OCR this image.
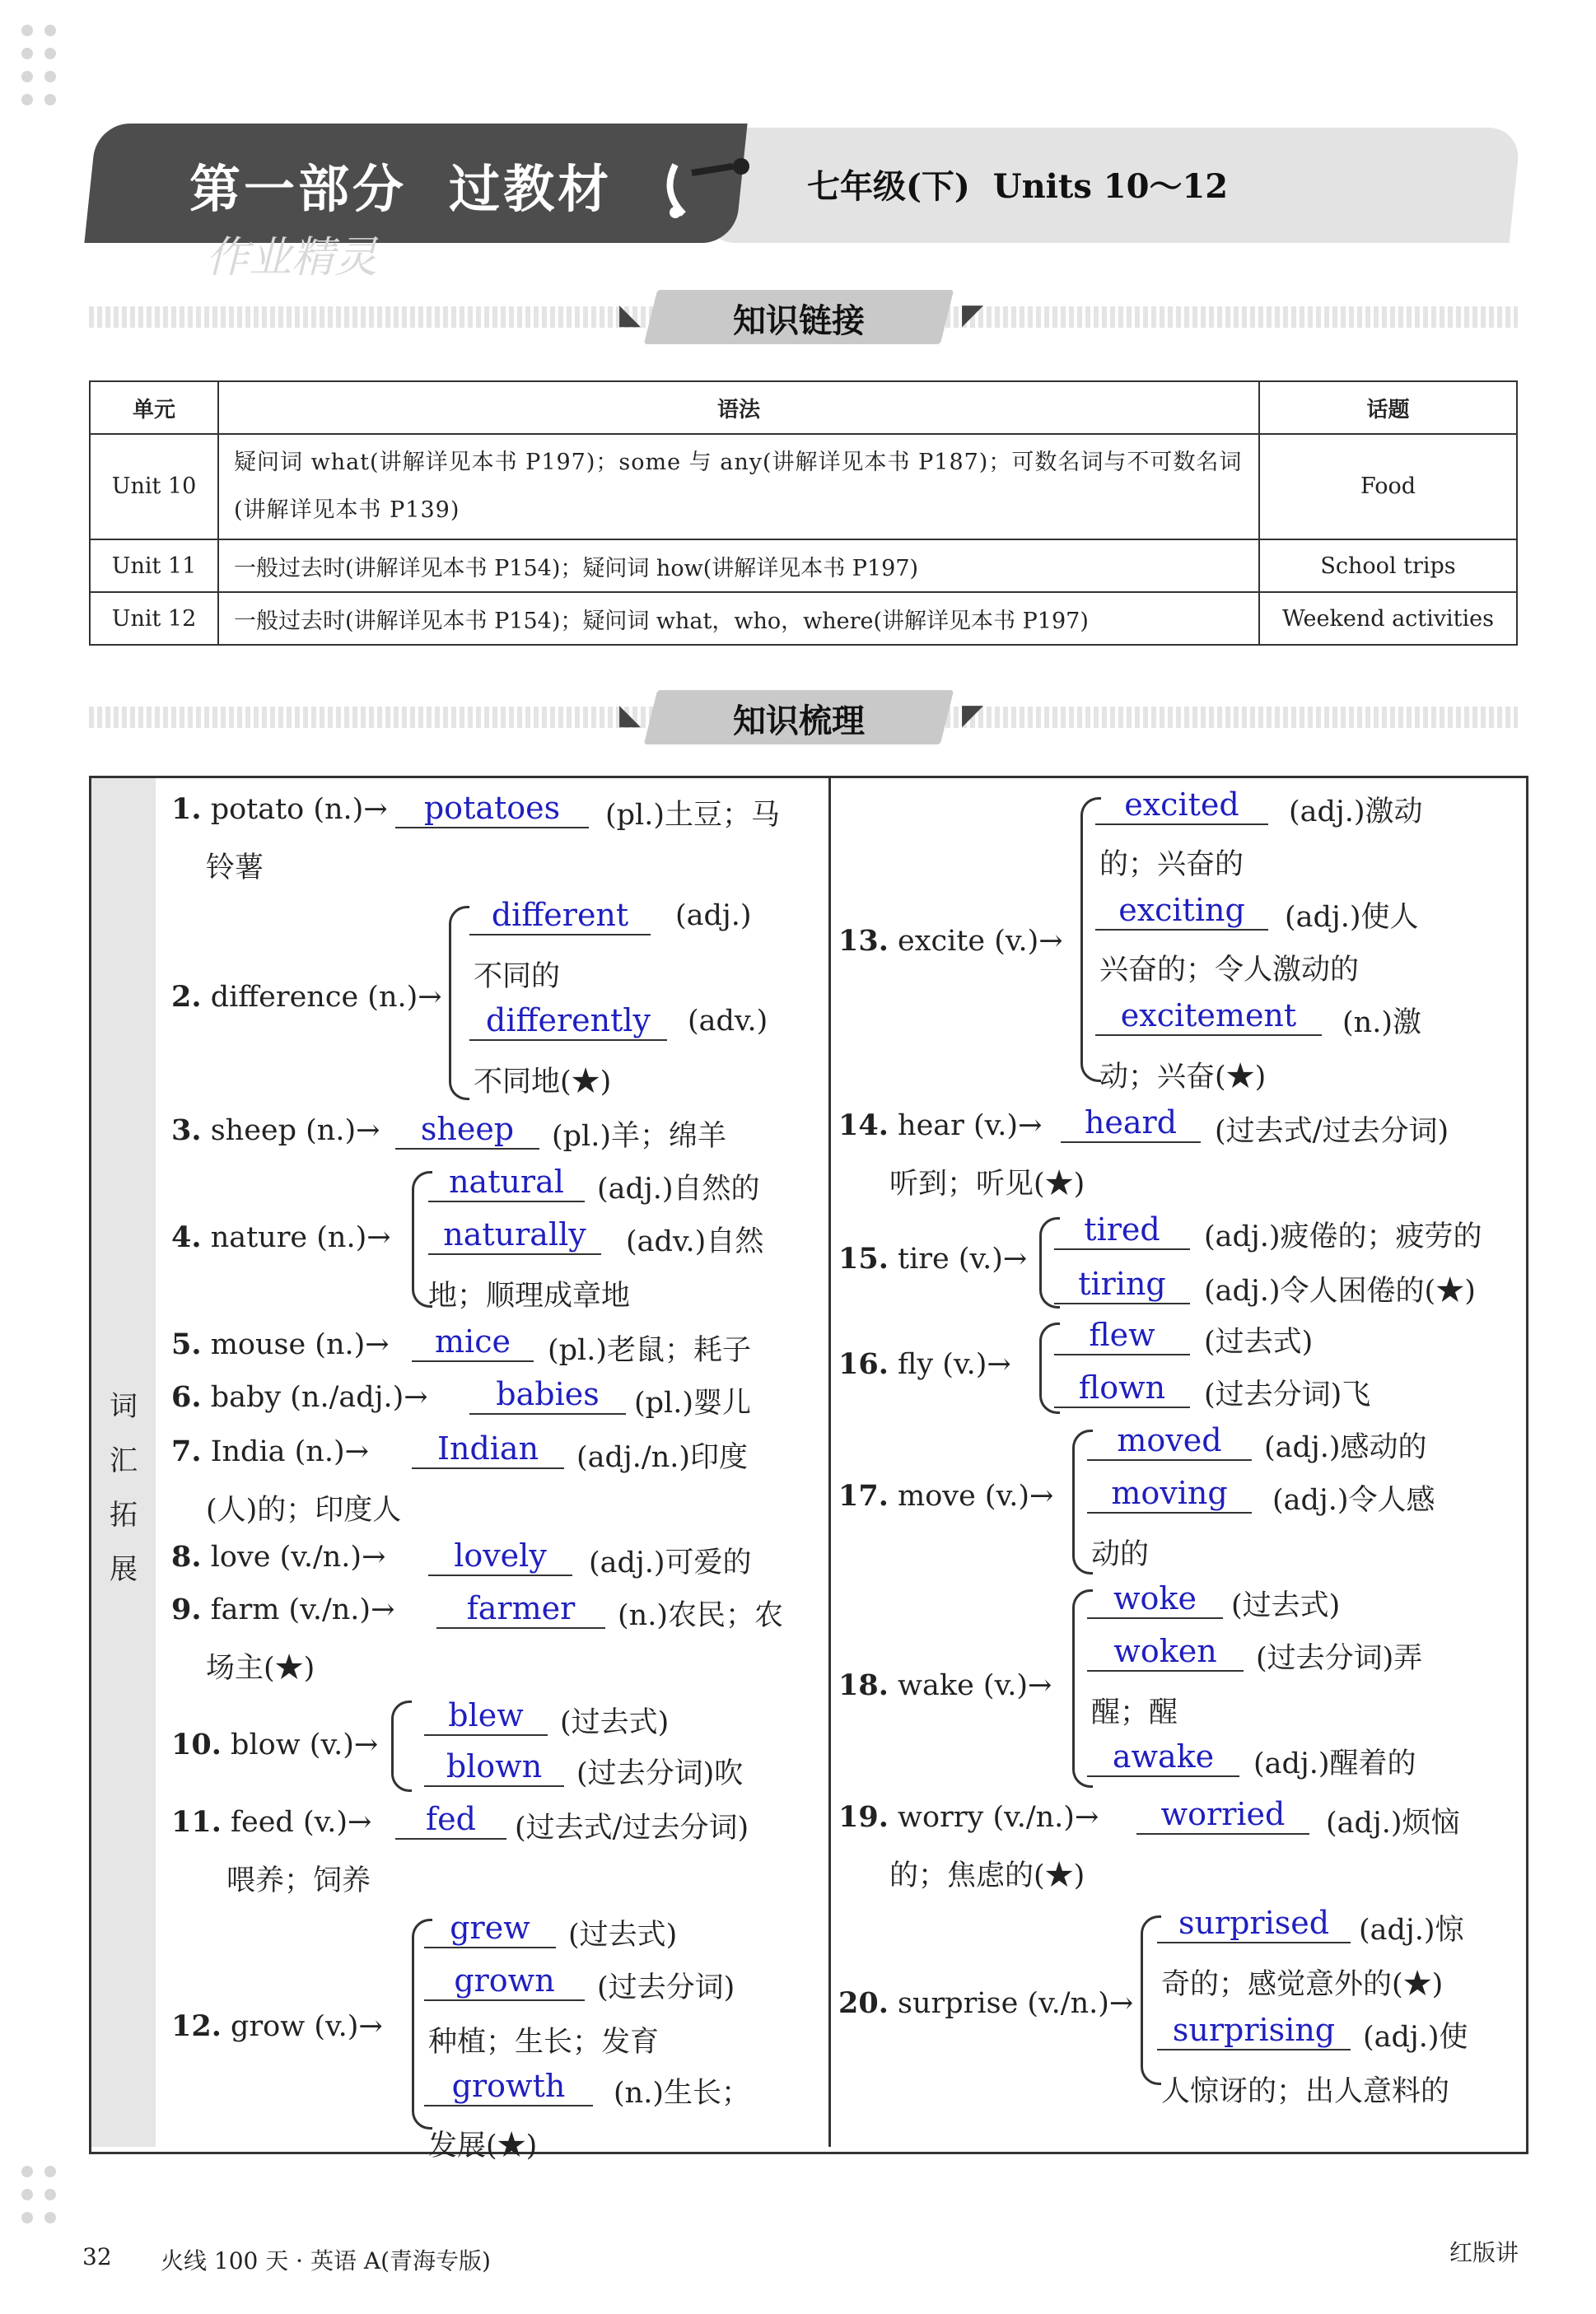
第一部分  过教材	七年级(下)  Units 10～12
作业精灵
◣	◤
知识链接
单元	语法	话题
Unit 10	疑问词 what(讲解详见本书 P197)；some 与 any(讲解详见本书 P187)；可数名词与不可数名词(讲解详见本书 P139)	Food
Unit 11	一般过去时(讲解详见本书 P154)；疑问词 how(讲解详见本书 P197)	School trips
Unit 12	一般过去时(讲解详见本书 P154)；疑问词 what，who，where(讲解详见本书 P197)	Weekend activities
◣	◤
知识梳理
词汇拓展
1. potato (n.)→	potatoes	(pl.)土豆；马
铃薯
2. difference (n.)→
different	(adj.)
不同的
differently	(adv.)
不同地(★)
3. sheep (n.)→	sheep	(pl.)羊；绵羊
4. nature (n.)→
natural	(adj.)自然的
naturally	(adv.)自然
地；顺理成章地
5. mouse (n.)→	mice	(pl.)老鼠；耗子
6. baby (n./adj.)→	babies	(pl.)婴儿
7. India (n.)→	Indian	(adj./n.)印度
(人)的；印度人
8. love (v./n.)→	lovely	(adj.)可爱的
9. farm (v./n.)→	farmer	(n.)农民；农
场主(★)
10. blow (v.)→
blew	(过去式)
blown	(过去分词)吹
11. feed (v.)→	fed	(过去式/过去分词)
喂养；饲养
12. grow (v.)→
grew	(过去式)
grown	(过去分词)
种植；生长；发育
growth	(n.)生长；
发展(★)
13. excite (v.)→
excited	(adj.)激动
的；兴奋的
exciting	(adj.)使人
兴奋的；令人激动的
excitement	(n.)激
动；兴奋(★)
14. hear (v.)→	heard	(过去式/过去分词)
听到；听见(★)
15. tire (v.)→
tired	(adj.)疲倦的；疲劳的
tiring	(adj.)令人困倦的(★)
16. fly (v.)→
flew	(过去式)
flown	(过去分词)飞
17. move (v.)→
moved	(adj.)感动的
moving	(adj.)令人感
动的
18. wake (v.)→
woke	(过去式)
woken	(过去分词)弄
醒；醒
awake	(adj.)醒着的
19. worry (v./n.)→	worried	(adj.)烦恼
的；焦虑的(★)
20. surprise (v./n.)→
surprised	(adj.)惊
奇的；感觉意外的(★)
surprising (adj.)使
人惊讶的；出人意料的
32 火线 100 天 · 英语 A(青海专版)	红版讲
